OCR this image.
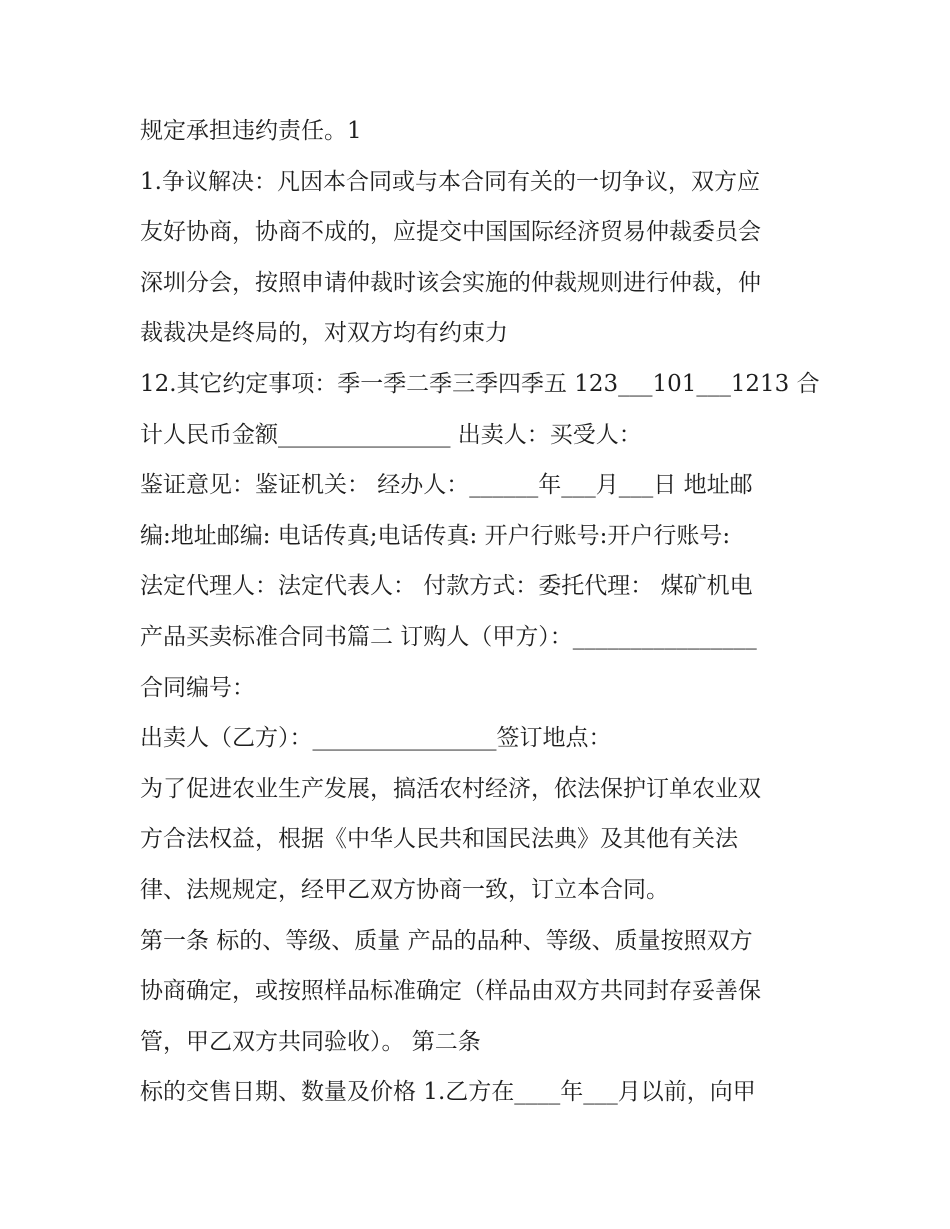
规定承担违约责任。1
1.争议解决：凡因本合同或与本合同有关的一切争议，双方应
友好协商，协商不成的，应提交中国国际经济贸易仲裁委员会
深圳分会，按照申请仲裁时该会实施的仲裁规则进行仲裁，仲
裁裁决是终局的，对双方均有约束力
12.其它约定事项：季一季二季三季四季五 123___101___1213 合
计人民币金额_______________ 出卖人：买受人：
鉴证意见：鉴证机关： 经办人：______年___月___日 地址邮
编:地址邮编: 电话传真;电话传真: 开户行账号:开户行账号:
法定代理人：法定代表人： 付款方式：委托代理： 煤矿机电
产品买卖标准合同书篇二 订购人（甲方）：________________
合同编号：
出卖人（乙方）：________________签订地点：
为了促进农业生产发展，搞活农村经济，依法保护订单农业双
方合法权益，根据《中华人民共和国民法典》及其他有关法
律、法规规定，经甲乙双方协商一致，订立本合同。
第一条 标的、等级、质量 产品的品种、等级、质量按照双方
协商确定，或按照样品标准确定（样品由双方共同封存妥善保
管，甲乙双方共同验收）。 第二条
标的交售日期、数量及价格 1.乙方在____年___月以前，向甲
